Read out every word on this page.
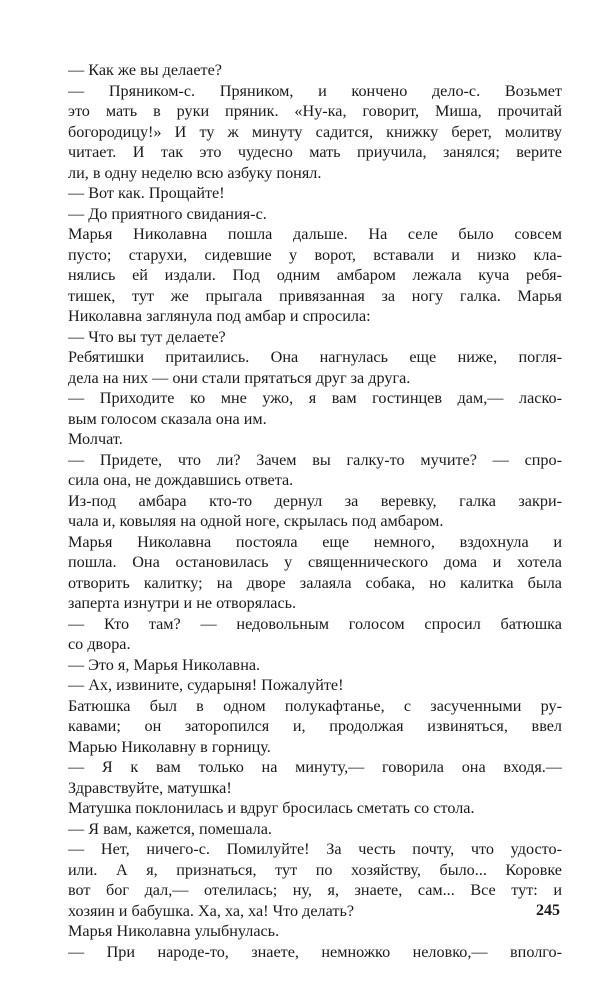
— Как же вы делаете?
— Пряником-с. Пряником, и кончено дело-с. Возьмет
это мать в руки пряник. «Ну-ка, говорит, Миша, прочитай
богородицу!» И ту ж минуту садится, книжку берет, молитву
читает. И так это чудесно мать приучила, занялся; верите
ли, в одну неделю всю азбуку понял.
— Вот как. Прощайте!
— До приятного свидания-с.
Марья Николавна пошла дальше. На селе было совсем
пусто; старухи, сидевшие у ворот, вставали и низко кла-
нялись ей издали. Под одним амбаром лежала куча ребя-
тишек, тут же прыгала привязанная за ногу галка. Марья
Николавна заглянула под амбар и спросила:
— Что вы тут делаете?
Ребятишки притаились. Она нагнулась еще ниже, погля-
дела на них — они стали прятаться друг за друга.
— Приходите ко мне ужо, я вам гостинцев дам,— ласко-
вым голосом сказала она им.
Молчат.
— Придете, что ли? Зачем вы галку-то мучите? — спро-
сила она, не дождавшись ответа.
Из-под амбара кто-то дернул за веревку, галка закри-
чала и, ковыляя на одной ноге, скрылась под амбаром.
Марья Николавна постояла еще немного, вздохнула и
пошла. Она остановилась у священнического дома и хотела
отворить калитку; на дворе залаяла собака, но калитка была
заперта изнутри и не отворялась.
— Кто там? — недовольным голосом спросил батюшка
со двора.
— Это я, Марья Николавна.
— Ах, извините, сударыня! Пожалуйте!
Батюшка был в одном полукафтанье, с засученными ру-
кавами; он заторопился и, продолжая извиняться, ввел
Марью Николавну в горницу.
— Я к вам только на минуту,— говорила она входя.—
Здравствуйте, матушка!
Матушка поклонилась и вдруг бросилась сметать со стола.
— Я вам, кажется, помешала.
— Нет, ничего-с. Помилуйте! За честь почту, что удосто-
или. А я, признаться, тут по хозяйству, было... Коровке
вот бог дал,— отелилась; ну, я, знаете, сам... Все тут: и
хозяин и бабушка. Ха, ха, ха! Что делать?
Марья Николавна улыбнулась.
— При народе-то, знаете, немножко неловко,— вполго-
245
